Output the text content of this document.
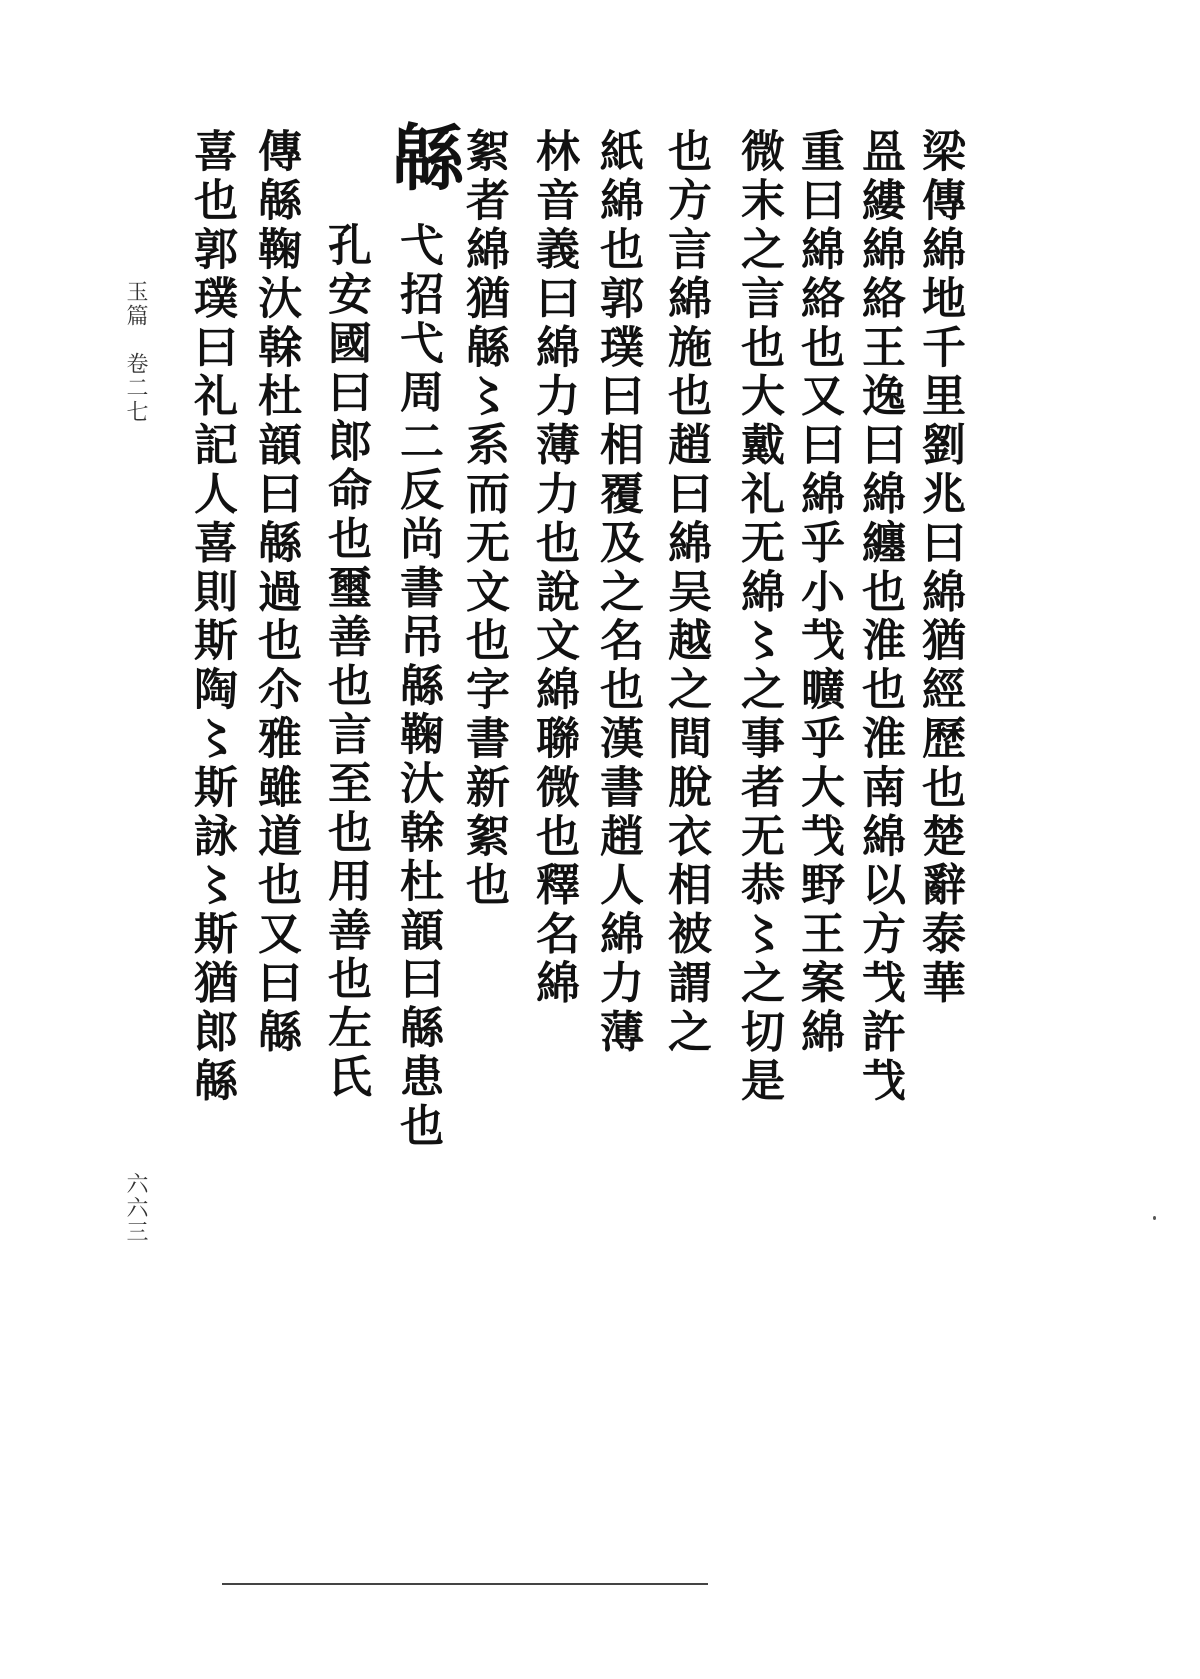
玉篇　卷二七
六六三
梁傳綿地千里劉兆曰綿猶經歷也楚辭泰華
𥁕縷綿絡王逸曰綿纏也淮也淮南綿以方𢦏許𢦏
重曰綿絡也又曰綿乎小𢦏曠乎大𢦏野王案綿
微末之言也大戴礼无綿〻之事者无恭〻之切是
也方言綿施也趙曰綿吴越之間脫衣相被謂之
紙綿也郭璞曰相覆及之名也漢書趙人綿力薄
林音義曰綿力薄力也說文綿聯微也釋名綿
絮者綿猶緜〻系而无文也字書新絮也
緜
弋招弋周二反尚書吊緜鞠汏𠏉杜𩐳曰緜患也
孔安國曰郎命也璽善也言至也用善也左氏
傳緜鞠汏𠏉杜𩐳曰緜過也尒雅雖道也又曰緜
喜也郭璞曰礼記人喜則斯陶〻斯詠〻斯猶郎緜
